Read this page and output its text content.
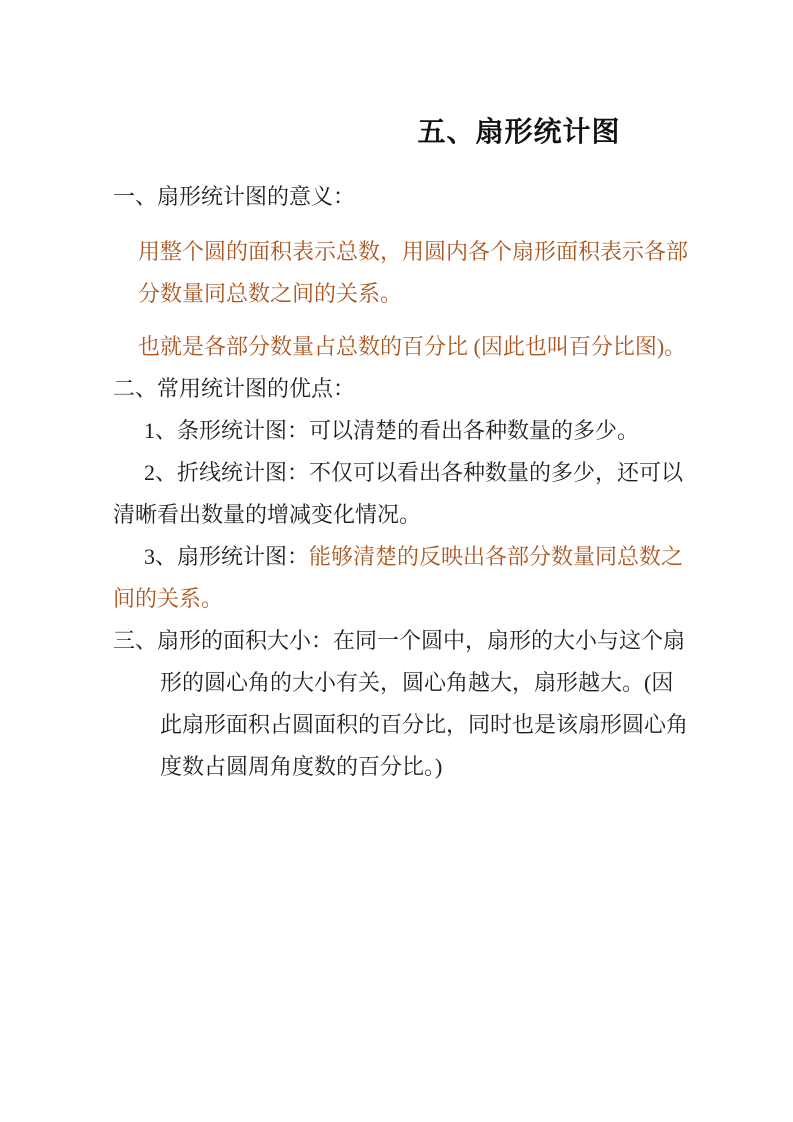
五、扇形统计图

一、扇形统计图的意义：

用整个圆的面积表示总数，用圆内各个扇形面积表示各部

分数量同总数之间的关系。

也就是各部分数量占总数的百分比 (因此也叫百分比图)。

二、常用统计图的优点：

1、条形统计图：可以清楚的看出各种数量的多少。

2、折线统计图：不仅可以看出各种数量的多少，还可以

清晰看出数量的增减变化情况。

3、扇形统计图：能够清楚的反映出各部分数量同总数之

间的关系。

三、扇形的面积大小：在同一个圆中，扇形的大小与这个扇

形的圆心角的大小有关，圆心角越大，扇形越大。(因

此扇形面积占圆面积的百分比，同时也是该扇形圆心角

度数占圆周角度数的百分比。)
